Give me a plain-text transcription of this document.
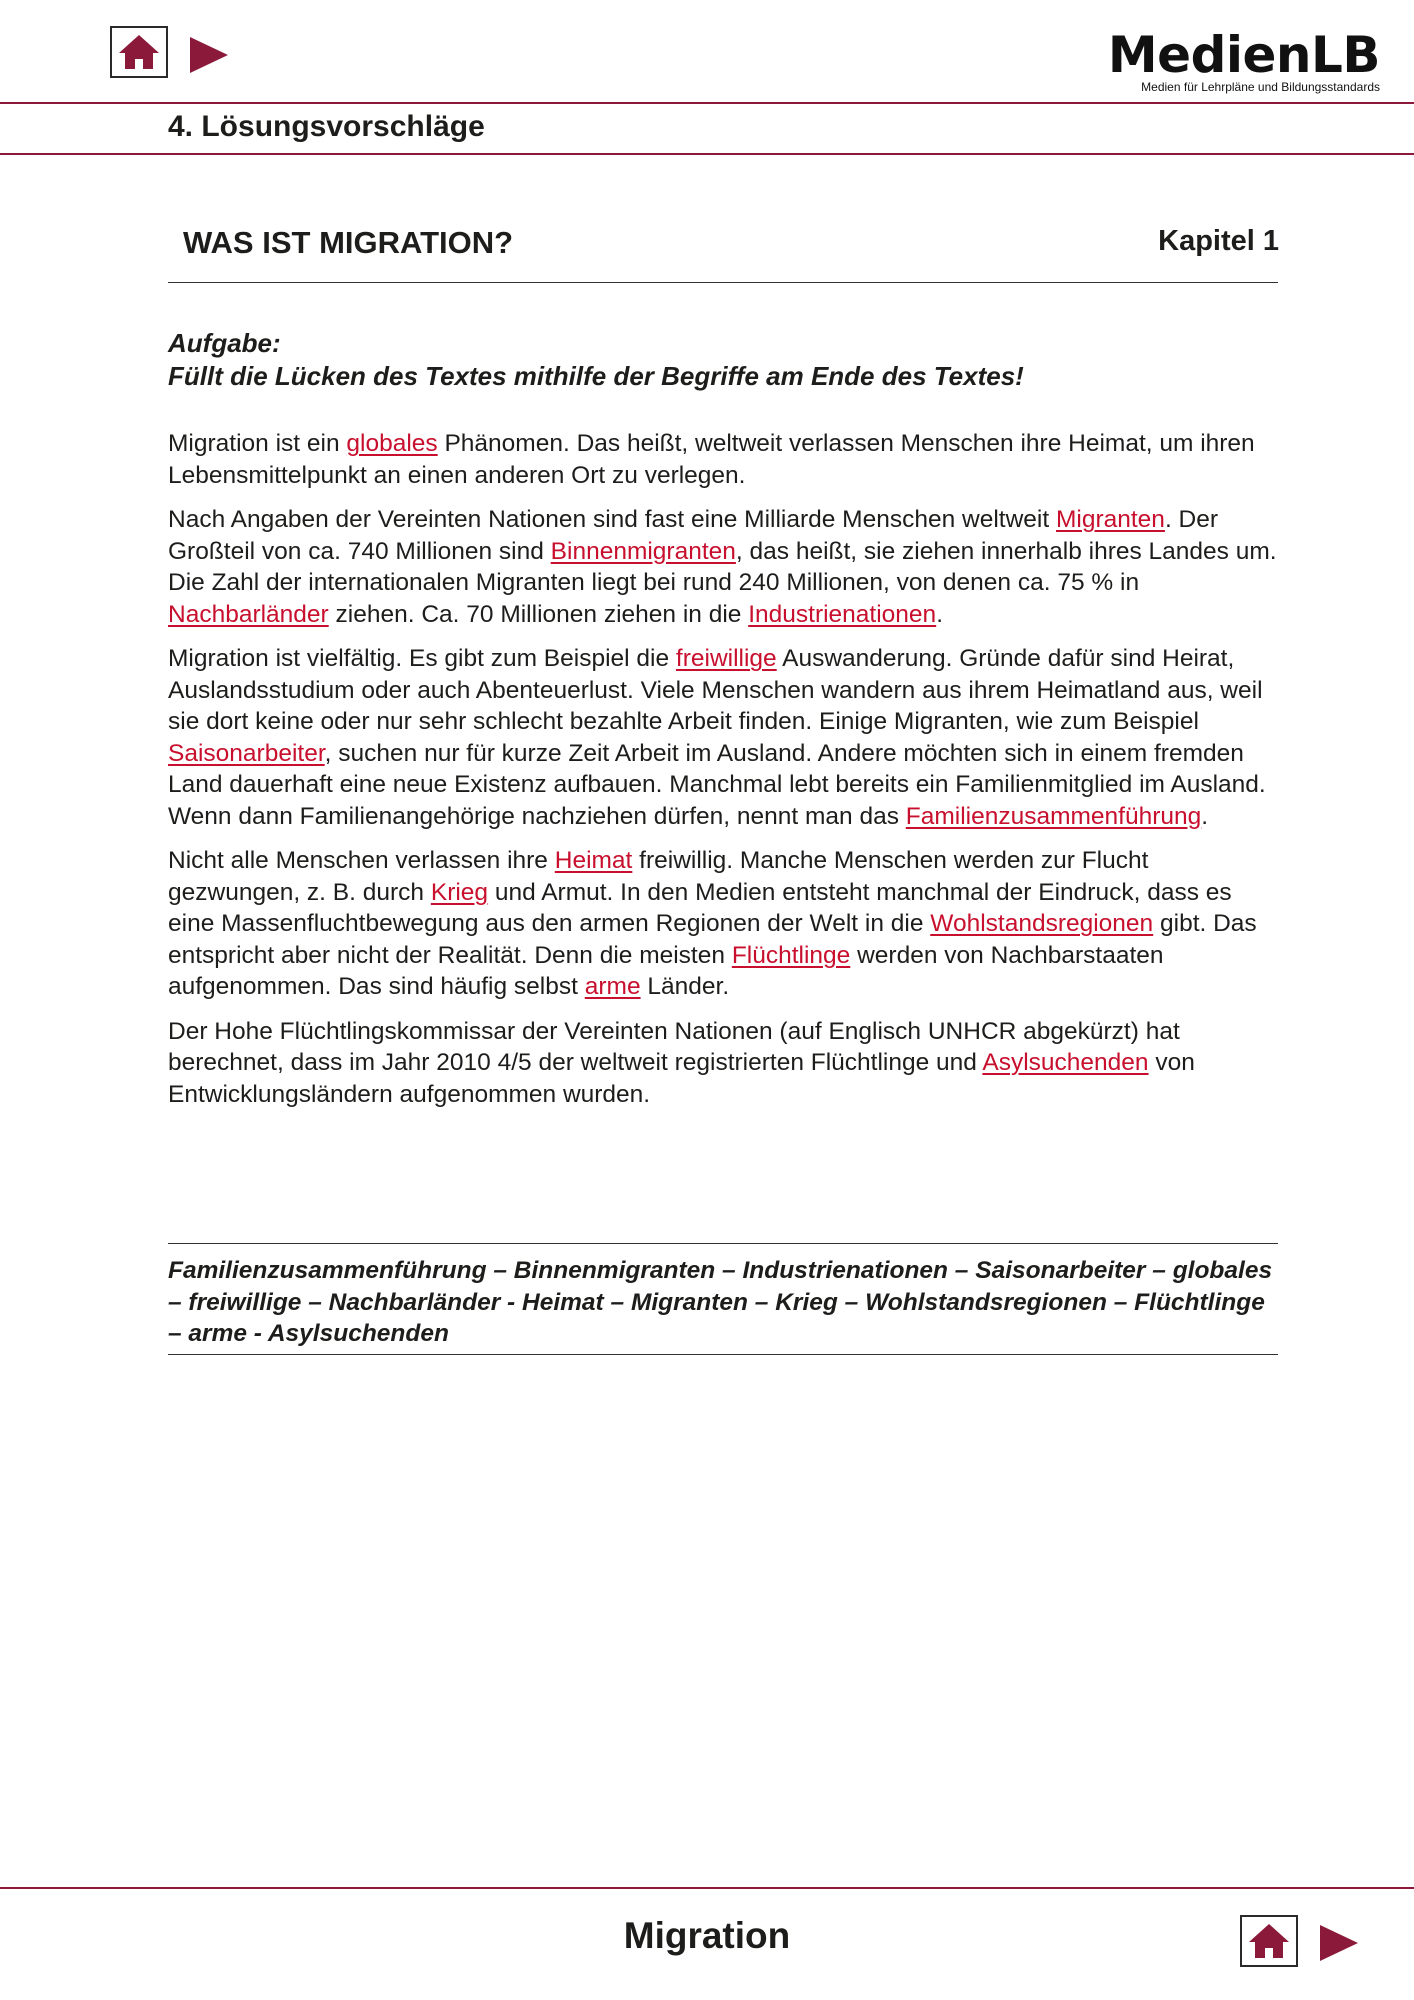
MedienLB
Medien für Lehrpläne und Bildungsstandards
4. Lösungsvorschläge
WAS IST MIGRATION?	Kapitel 1
Aufgabe:
Füllt die Lücken des Textes mithilfe der Begriffe am Ende des Textes!

Migration ist ein globales Phänomen. Das heißt, weltweit verlassen Menschen ihre Heimat, um ihren Lebensmittelpunkt an einen anderen Ort zu verlegen.

Nach Angaben der Vereinten Nationen sind fast eine Milliarde Menschen weltweit Migranten. Der Großteil von ca. 740 Millionen sind Binnenmigranten, das heißt, sie ziehen innerhalb ihres Landes um. Die Zahl der internationalen Migranten liegt bei rund 240 Millionen, von denen ca. 75 % in Nachbarländer ziehen. Ca. 70 Millionen ziehen in die Industrienationen.

Migration ist vielfältig. Es gibt zum Beispiel die freiwillige Auswanderung. Gründe dafür sind Heirat, Auslandsstudium oder auch Abenteuerlust. Viele Menschen wandern aus ihrem Heimatland aus, weil sie dort keine oder nur sehr schlecht bezahlte Arbeit finden. Einige Migranten, wie zum Beispiel Saisonarbeiter, suchen nur für kurze Zeit Arbeit im Ausland. Andere möchten sich in einem fremden Land dauerhaft eine neue Existenz aufbauen. Manchmal lebt bereits ein Familienmitglied im Ausland. Wenn dann Familienangehörige nachziehen dürfen, nennt man das Familienzusammenführung.

Nicht alle Menschen verlassen ihre Heimat freiwillig. Manche Menschen werden zur Flucht gezwungen, z. B. durch Krieg und Armut. In den Medien entsteht manchmal der Eindruck, dass es eine Massenfluchtbewegung aus den armen Regionen der Welt in die Wohlstandsregionen gibt. Das entspricht aber nicht der Realität. Denn die meisten Flüchtlinge werden von Nachbarstaaten aufgenommen. Das sind häufig selbst arme Länder.

Der Hohe Flüchtlingskommissar der Vereinten Nationen (auf Englisch UNHCR abgekürzt) hat berechnet, dass im Jahr 2010 4/5 der weltweit registrierten Flüchtlinge und Asylsuchenden von Entwicklungsländern aufgenommen wurden.

Familienzusammenführung – Binnenmigranten – Industrienationen – Saisonarbeiter – globales – freiwillige – Nachbarländer - Heimat – Migranten – Krieg – Wohlstandsregionen – Flüchtlinge – arme - Asylsuchenden
Migration
